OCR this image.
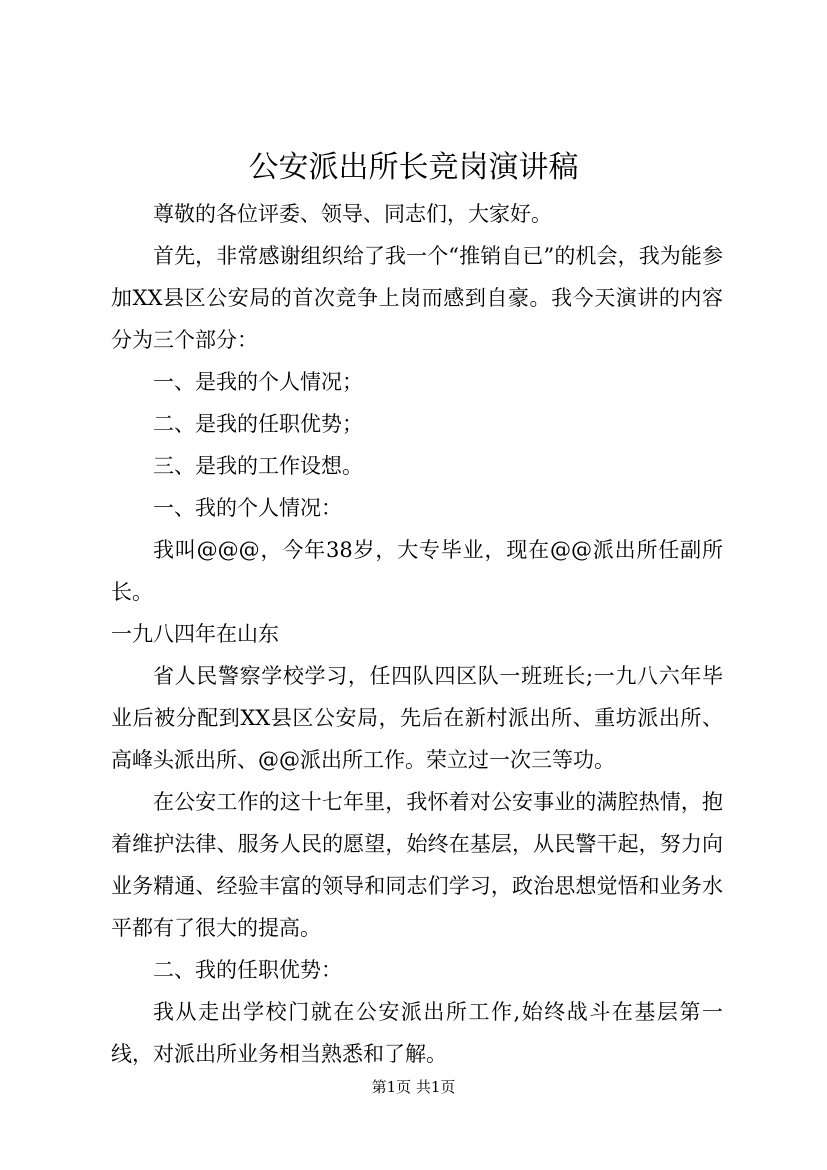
公安派出所长竞岗演讲稿

尊敬的各位评委、领导、同志们，大家好。

首先，非常感谢组织给了我一个“推销自已”的机会，我为能参加XX县区公安局的首次竞争上岗而感到自豪。我今天演讲的内容分为三个部分：

一、是我的个人情况；

二、是我的任职优势；

三、是我的工作设想。

一、我的个人情况：

我叫@@@，今年38岁，大专毕业，现在@@派出所任副所长。

一九八四年在山东

省人民警察学校学习，任四队四区队一班班长;一九八六年毕业后被分配到XX县区公安局，先后在新村派出所、重坊派出所、高峰头派出所、@@派出所工作。荣立过一次三等功。

在公安工作的这十七年里，我怀着对公安事业的满腔热情，抱着维护法律、服务人民的愿望，始终在基层，从民警干起，努力向业务精通、经验丰富的领导和同志们学习，政治思想觉悟和业务水平都有了很大的提高。

二、我的任职优势：

我从走出学校门就在公安派出所工作,始终战斗在基层第一线，对派出所业务相当熟悉和了解。

第1页 共1页
